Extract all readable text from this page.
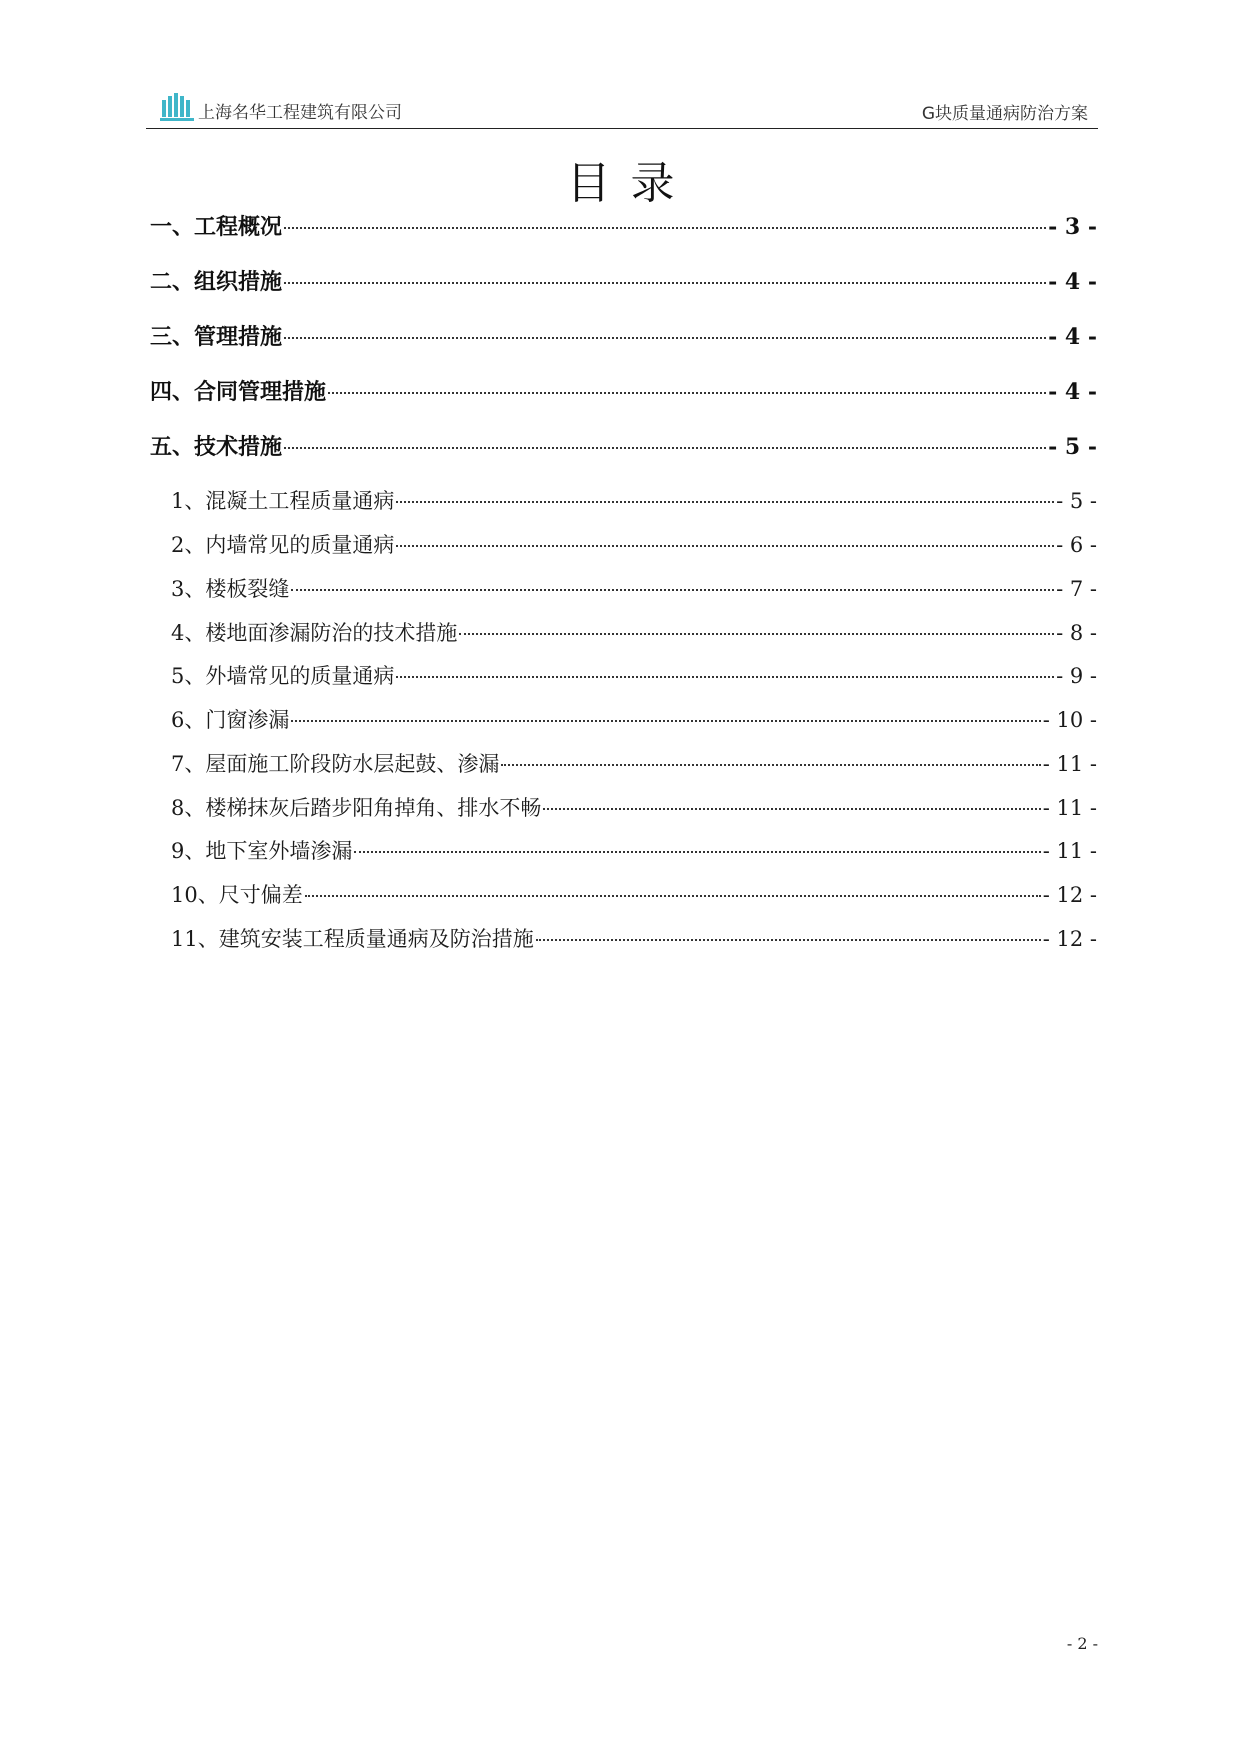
上海名华工程建筑有限公司	G块质量通病防治方案
目录
一、工程概况	- 3 -
二、组织措施	- 4 -
三、管理措施	- 4 -
四、合同管理措施	- 4 -
五、技术措施	- 5 -
1、混凝土工程质量通病	- 5 -
2、内墙常见的质量通病	- 6 -
3、楼板裂缝	- 7 -
4、楼地面渗漏防治的技术措施	- 8 -
5、外墙常见的质量通病	- 9 -
6、门窗渗漏	- 10 -
7、屋面施工阶段防水层起鼓、渗漏	- 11 -
8、楼梯抹灰后踏步阳角掉角、排水不畅	- 11 -
9、地下室外墙渗漏	- 11 -
10、尺寸偏差	- 12 -
11、建筑安装工程质量通病及防治措施	- 12 -
- 2 -
